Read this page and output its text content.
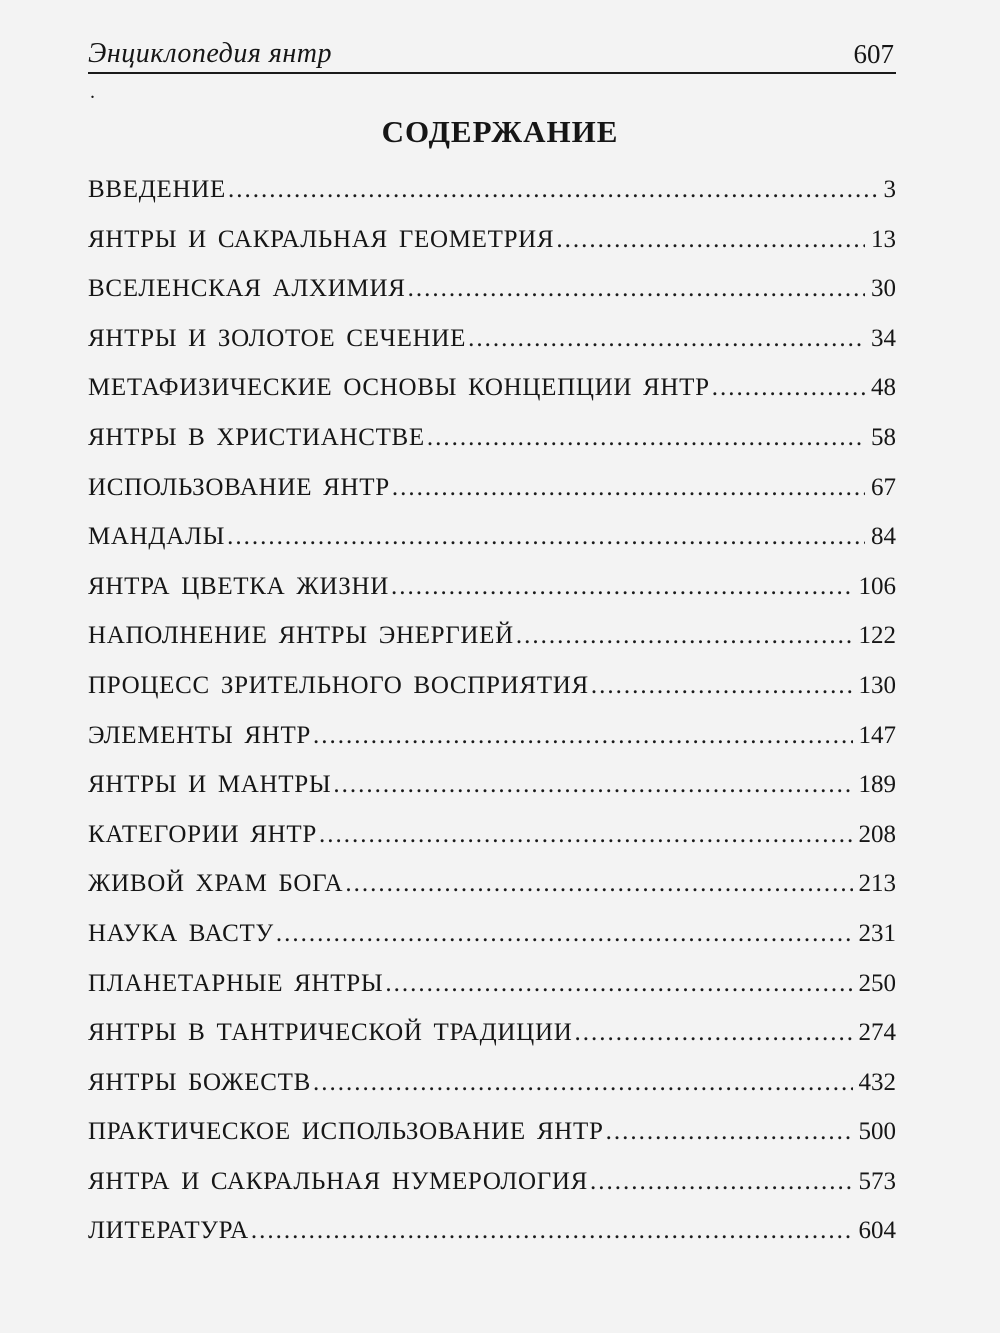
Энциклопедия янтр	607
.
СОДЕРЖАНИЕ
ВВЕДЕНИЕ .....	3
ЯНТРЫ И САКРАЛЬНАЯ ГЕОМЕТРИЯ .....	13
ВСЕЛЕНСКАЯ АЛХИМИЯ .....	30
ЯНТРЫ И ЗОЛОТОЕ СЕЧЕНИЕ .....	34
МЕТАФИЗИЧЕСКИЕ ОСНОВЫ КОНЦЕПЦИИ ЯНТР .....	48
ЯНТРЫ В ХРИСТИАНСТВЕ .....	58
ИСПОЛЬЗОВАНИЕ ЯНТР .....	67
МАНДАЛЫ .....	84
ЯНТРА ЦВЕТКА ЖИЗНИ .....	106
НАПОЛНЕНИЕ ЯНТРЫ ЭНЕРГИЕЙ .....	122
ПРОЦЕСС ЗРИТЕЛЬНОГО ВОСПРИЯТИЯ .....	130
ЭЛЕМЕНТЫ ЯНТР .....	147
ЯНТРЫ И МАНТРЫ .....	189
КАТЕГОРИИ ЯНТР .....	208
ЖИВОЙ ХРАМ БОГА .....	213
НАУКА ВАСТУ .....	231
ПЛАНЕТАРНЫЕ ЯНТРЫ .....	250
ЯНТРЫ В ТАНТРИЧЕСКОЙ ТРАДИЦИИ .....	274
ЯНТРЫ БОЖЕСТВ .....	432
ПРАКТИЧЕСКОЕ ИСПОЛЬЗОВАНИЕ ЯНТР .....	500
ЯНТРА И САКРАЛЬНАЯ НУМЕРОЛОГИЯ .....	573
ЛИТЕРАТУРА .....	604
